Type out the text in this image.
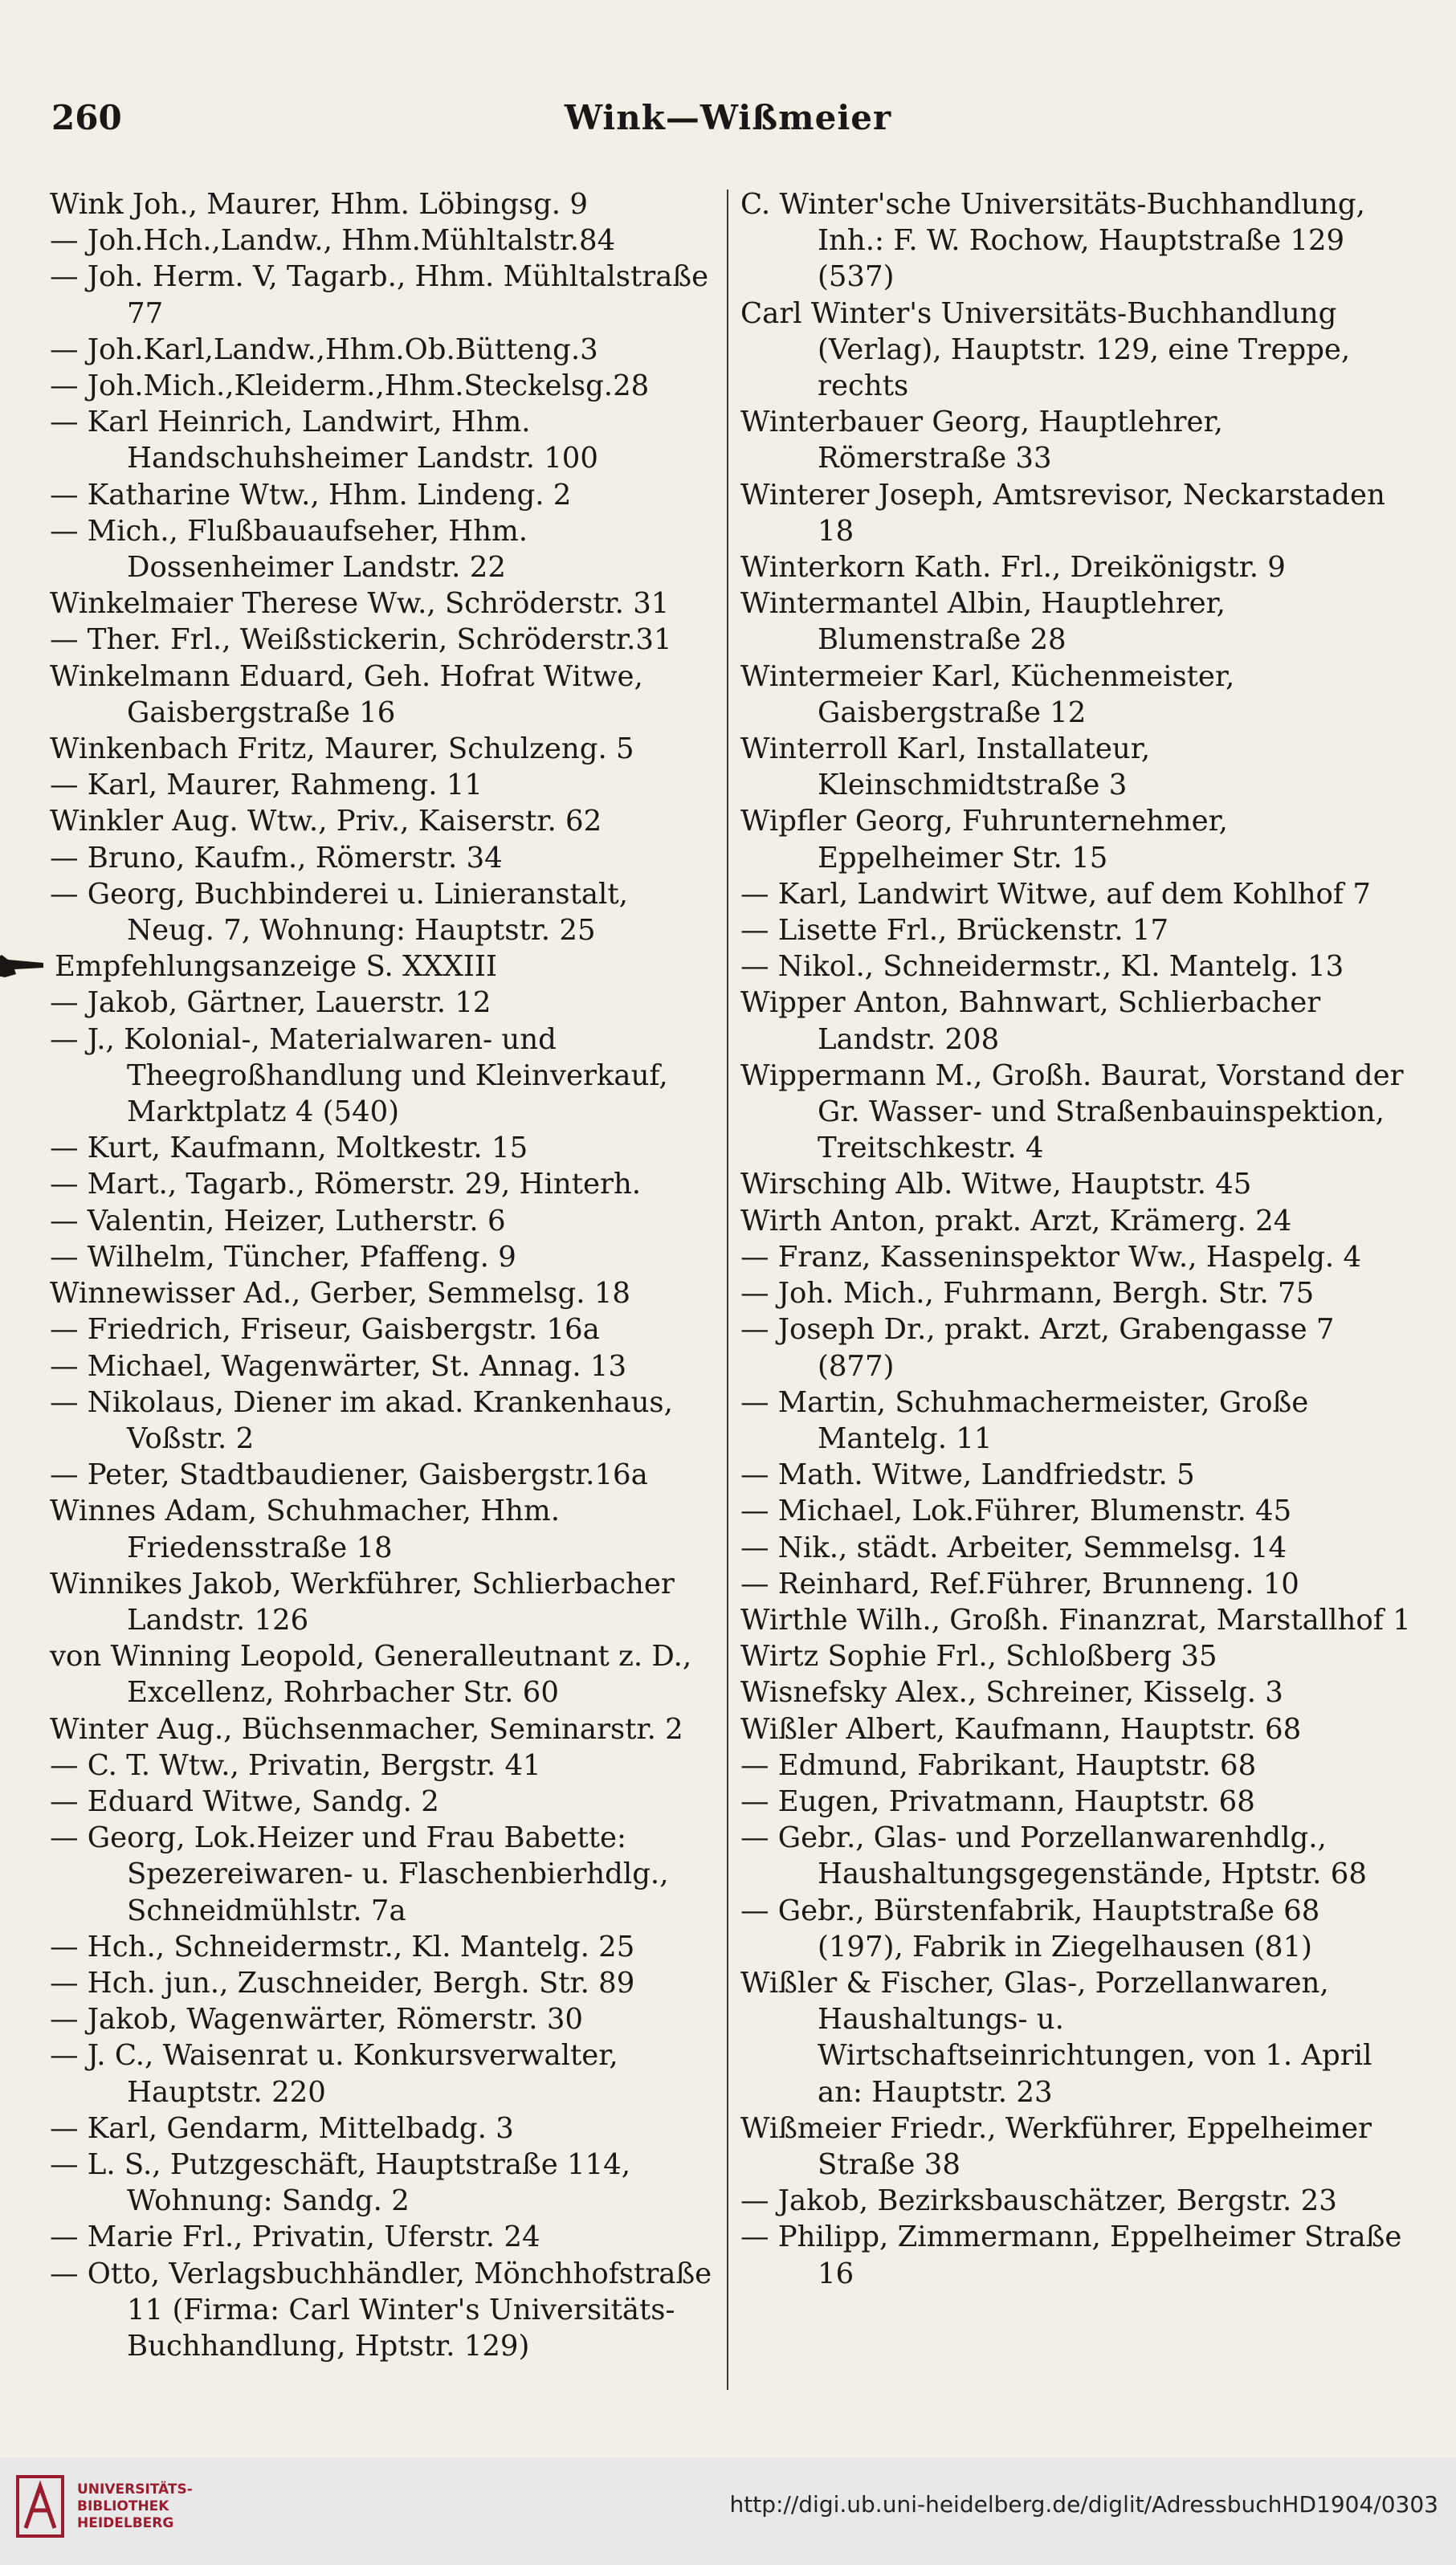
260	Wink—Wißmeier

Wink Joh., Maurer, Hhm. Löbingsg. 9

— Joh.Hch.,Landw., Hhm.Mühltalstr.84

— Joh. Herm. V, Tagarb., Hhm. Mühltalstraße 77

— Joh.Karl,Landw.,Hhm.Ob.Bütteng.3

— Joh.Mich.,Kleiderm.,Hhm.Steckelsg.28

— Karl Heinrich, Landwirt, Hhm. Handschuhsheimer Landstr. 100

— Katharine Wtw., Hhm. Lindeng. 2

— Mich., Flußbauaufseher, Hhm. Dossenheimer Landstr. 22

Winkelmaier Therese Ww., Schröderstr. 31

— Ther. Frl., Weißstickerin, Schröderstr.31

Winkelmann Eduard, Geh. Hofrat Witwe, Gaisbergstraße 16

Winkenbach Fritz, Maurer, Schulzeng. 5

— Karl, Maurer, Rahmeng. 11

Winkler Aug. Wtw., Priv., Kaiserstr. 62

— Bruno, Kaufm., Römerstr. 34

— Georg, Buchbinderei u. Linieranstalt, Neug. 7, Wohnung: Hauptstr. 25

Empfehlungsanzeige S. XXXIII

— Jakob, Gärtner, Lauerstr. 12

— J., Kolonial-, Materialwaren- und Theegroßhandlung und Kleinverkauf, Marktplatz 4 (540)

— Kurt, Kaufmann, Moltkestr. 15

— Mart., Tagarb., Römerstr. 29, Hinterh.

— Valentin, Heizer, Lutherstr. 6

— Wilhelm, Tüncher, Pfaffeng. 9

Winnewisser Ad., Gerber, Semmelsg. 18

— Friedrich, Friseur, Gaisbergstr. 16a

— Michael, Wagenwärter, St. Annag. 13

— Nikolaus, Diener im akad. Krankenhaus, Voßstr. 2

— Peter, Stadtbaudiener, Gaisbergstr.16a

Winnes Adam, Schuhmacher, Hhm. Friedensstraße 18

Winnikes Jakob, Werkführer, Schlierbacher Landstr. 126

von Winning Leopold, Generalleutnant z. D., Excellenz, Rohrbacher Str. 60

Winter Aug., Büchsenmacher, Seminarstr. 2

— C. T. Wtw., Privatin, Bergstr. 41

— Eduard Witwe, Sandg. 2

— Georg, Lok.Heizer und Frau Babette: Spezereiwaren- u. Flaschenbierhdlg., Schneidmühlstr. 7a

— Hch., Schneidermstr., Kl. Mantelg. 25

— Hch. jun., Zuschneider, Bergh. Str. 89

— Jakob, Wagenwärter, Römerstr. 30

— J. C., Waisenrat u. Konkursverwalter, Hauptstr. 220

— Karl, Gendarm, Mittelbadg. 3

— L. S., Putzgeschäft, Hauptstraße 114, Wohnung: Sandg. 2

— Marie Frl., Privatin, Uferstr. 24

— Otto, Verlagsbuchhändler, Mönchhofstraße 11 (Firma: Carl Winter's Universitäts-Buchhandlung, Hptstr. 129)

C. Winter'sche Universitäts-Buchhandlung, Inh.: F. W. Rochow, Hauptstraße 129 (537)

Carl Winter's Universitäts-Buchhandlung (Verlag), Hauptstr. 129, eine Treppe, rechts

Winterbauer Georg, Hauptlehrer, Römerstraße 33

Winterer Joseph, Amtsrevisor, Neckarstaden 18

Winterkorn Kath. Frl., Dreikönigstr. 9

Wintermantel Albin, Hauptlehrer, Blumenstraße 28

Wintermeier Karl, Küchenmeister, Gaisbergstraße 12

Winterroll Karl, Installateur, Kleinschmidtstraße 3

Wipfler Georg, Fuhrunternehmer, Eppelheimer Str. 15

— Karl, Landwirt Witwe, auf dem Kohlhof 7

— Lisette Frl., Brückenstr. 17

— Nikol., Schneidermstr., Kl. Mantelg. 13

Wipper Anton, Bahnwart, Schlierbacher Landstr. 208

Wippermann M., Großh. Baurat, Vorstand der Gr. Wasser- und Straßenbauinspektion, Treitschkestr. 4

Wirsching Alb. Witwe, Hauptstr. 45

Wirth Anton, prakt. Arzt, Krämerg. 24

— Franz, Kasseninspektor Ww., Haspelg. 4

— Joh. Mich., Fuhrmann, Bergh. Str. 75

— Joseph Dr., prakt. Arzt, Grabengasse 7 (877)

— Martin, Schuhmachermeister, Große Mantelg. 11

— Math. Witwe, Landfriedstr. 5

— Michael, Lok.Führer, Blumenstr. 45

— Nik., städt. Arbeiter, Semmelsg. 14

— Reinhard, Ref.Führer, Brunneng. 10

Wirthle Wilh., Großh. Finanzrat, Marstallhof 1

Wirtz Sophie Frl., Schloßberg 35

Wisnefsky Alex., Schreiner, Kisselg. 3

Wißler Albert, Kaufmann, Hauptstr. 68

— Edmund, Fabrikant, Hauptstr. 68

— Eugen, Privatmann, Hauptstr. 68

— Gebr., Glas- und Porzellanwarenhdlg., Haushaltungsgegenstände, Hptstr. 68

— Gebr., Bürstenfabrik, Hauptstraße 68 (197), Fabrik in Ziegelhausen (81)

Wißler & Fischer, Glas-, Porzellanwaren, Haushaltungs- u. Wirtschaftseinrichtungen, von 1. April an: Hauptstr. 23

Wißmeier Friedr., Werkführer, Eppelheimer Straße 38

— Jakob, Bezirksbauschätzer, Bergstr. 23

— Philipp, Zimmermann, Eppelheimer Straße 16

UNIVERSITÄTS-
BIBLIOTHEK
HEIDELBERG
http://digi.ub.uni-heidelberg.de/diglit/AdressbuchHD1904/0303
